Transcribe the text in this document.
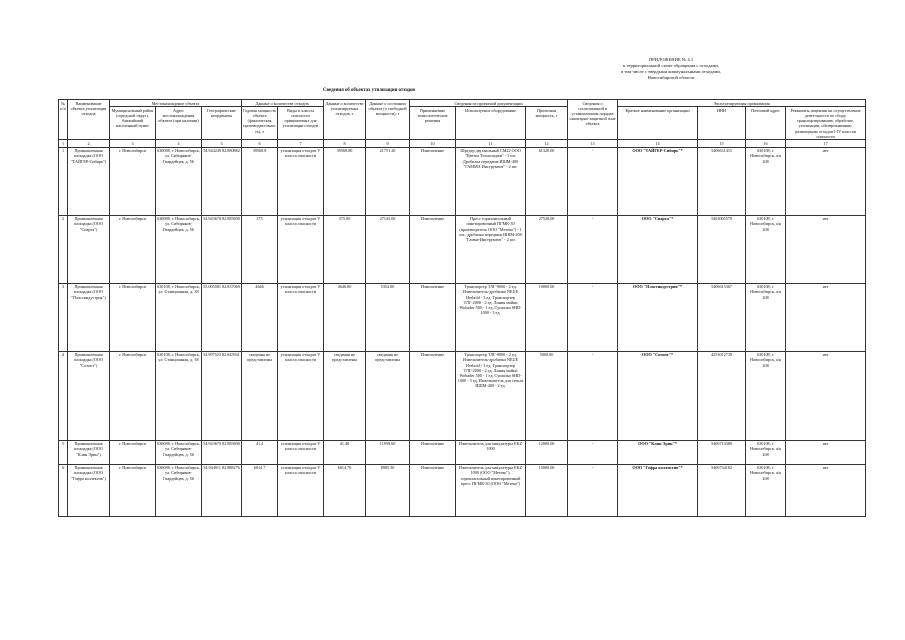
ПРИЛОЖЕНИЕ № 4.1
к территориальной схеме обращения с отходами,
в том числе с твердыми коммунальными отходами,
Новосибирской области
Сведения об объектах утилизации отходов
№ п/п	Наименование объекта утилизации отходов	Местонахождение объекта			Данные о количестве отходов,		Данные о количестве утилизируемых отходов, т	Данные о состоянии объекта (о свободной мощности), т	Сведения из проектной документации			Сведения о согласованной и установленном порядке санитарно-защитной зоне объекта	Эксплуатирующая организация			
		Муниципальный район (городской округ), ближайший населенный пункт	Адрес местонахождения объекта (при наличии)	Географические координаты	Годовая мощность объекта (фактическая производительность), т	Виды и классы опасности принимаемых для утилизации отходов			Применяемые технологические решения	Используемое оборудование	Проектная мощность, т		Краткое наименование организации	ИНН	Почтовый адрес	Реквизиты лицензии на осуществление деятельности по сбору, транспортированию, обработке, утилизации, обезвреживанию, размещению отходов I-IV классов опасности
1	2	3	4	5	6	7	8	9	10	11	12	13	14	15	16	17
1	Промышленная площадка (ООО "ТАЙГЕР-Сибирь")	г. Новосибирск	630088, г. Новосибирск, ул. Сибиряков-Гвардейцев, д. 56	54.944249 82.880882	39568.8	утилизация отходов V класса опасности	39568.80	21751.20	Измельчение	Шредер двухвальный СМ22 ООО "Цветка Технолоджи" - 1 шт. Дробилка передвиж ИШМ-400 "ГАММА Инструмент" - 2 шт.	61320.00	-	ООО "ТАЙГЕР-Сибирь"*	5406631415	630108, г. Новосибирск, а/я 208	нет
2	Промышленная площадка (ООО "Спарта")	г. Новосибирск	630088, г. Новосибирск, ул. Сибиряков-Гвардейцев, д. 56	54.943670 82.885690	375	утилизация отходов V класса опасности	375.00	27145.00	Измельчение	Пресс горизонтальный пакетировочный ПГМК-30 (производитель ООО "Метеко") - 1 шт., дробилка передвиж ИШМ-400 "Гамма-Инструмент" - 2 шт.	27520.00	-	ООО "Спарта"*	5403005579	630108, г. Новосибирск, а/я 208	нет
3	Промышленная площадка (ООО "Пластиндустрия")	г. Новосибирск	630108, г. Новосибирск, ул. Станционная, д. 38	55.005581 82.837069	4646	утилизация отходов V класса опасности	4646.00	5354.00	Измельчение	Транспортер ТЛГ-9000 - 2 ед. Измельчитель-дробилка NEUE Herbold - 3 ед. Транспортер ТЛГ-2000 - 2 ед. Линия мойки Wobader 500 - 1 ед. Сушилка SHD-1000 - 3 ед.	10000.00	-	ООО "Пластиндустрия"*	5406613367	630108, г. Новосибирск, а/я 208	нет
4	Промышленная площадка (ООО "Сотопт")	г. Новосибирск	630108, г. Новосибирск, ул. Станционная, д. 38	54.997523 82.845941	сведения не представлены	утилизация отходов V класса опасности	сведения не представлены	сведения не представлены	Измельчение	Транспортер ТЛГ-9000 - 2 ед. Измельчитель-дробилка NEUE Herbold - 3 ед. Транспортер ТЛГ-2000 - 2 ед. Линия мойки Wobader 500 - 1 ед. Сушилка SHD-1000 - 3 ед. Измельчитель для стекла ИШМ-400 - 2 ед.	5000.00	-	ООО "Сотопт"*	4253012739	630108, г. Новосибирск, а/я 208	нет
5	Промышленная площадка (ООО "Клин Эрин")	г. Новосибирск	630088, г. Новосибирск, ул. Сибиряков-Гвардейцев, д. 56	54.943670 82.885690	41.4	утилизация отходов V класса опасности	41.40	11958.60	Измельчение	Измельчитель для макулатуры EKZ 1000	12000.00	-	ООО "Клин Эрин"*	5406714380	630108, г. Новосибирск, а/я 208	нет
6	Промышленная площадка (ООО "Гофра коллектив")	г. Новосибирск	630088, г. Новосибирск, ул. Сибиряков-Гвардейцев, д. 56	54.944911 82.888276	6014.7	утилизация отходов V класса опасности	6014.70	8985.30	Измельчение	Измельчитель для макулатуры EKZ 1000 (ООО "Метеко"), горизонтальный пакетировочный пресс ПГМК-30 (ООО "Метеко")	15000.00	-	ООО "Гофра коллектив"*	5406734182	630108, г. Новосибирск, а/я 208	нет
